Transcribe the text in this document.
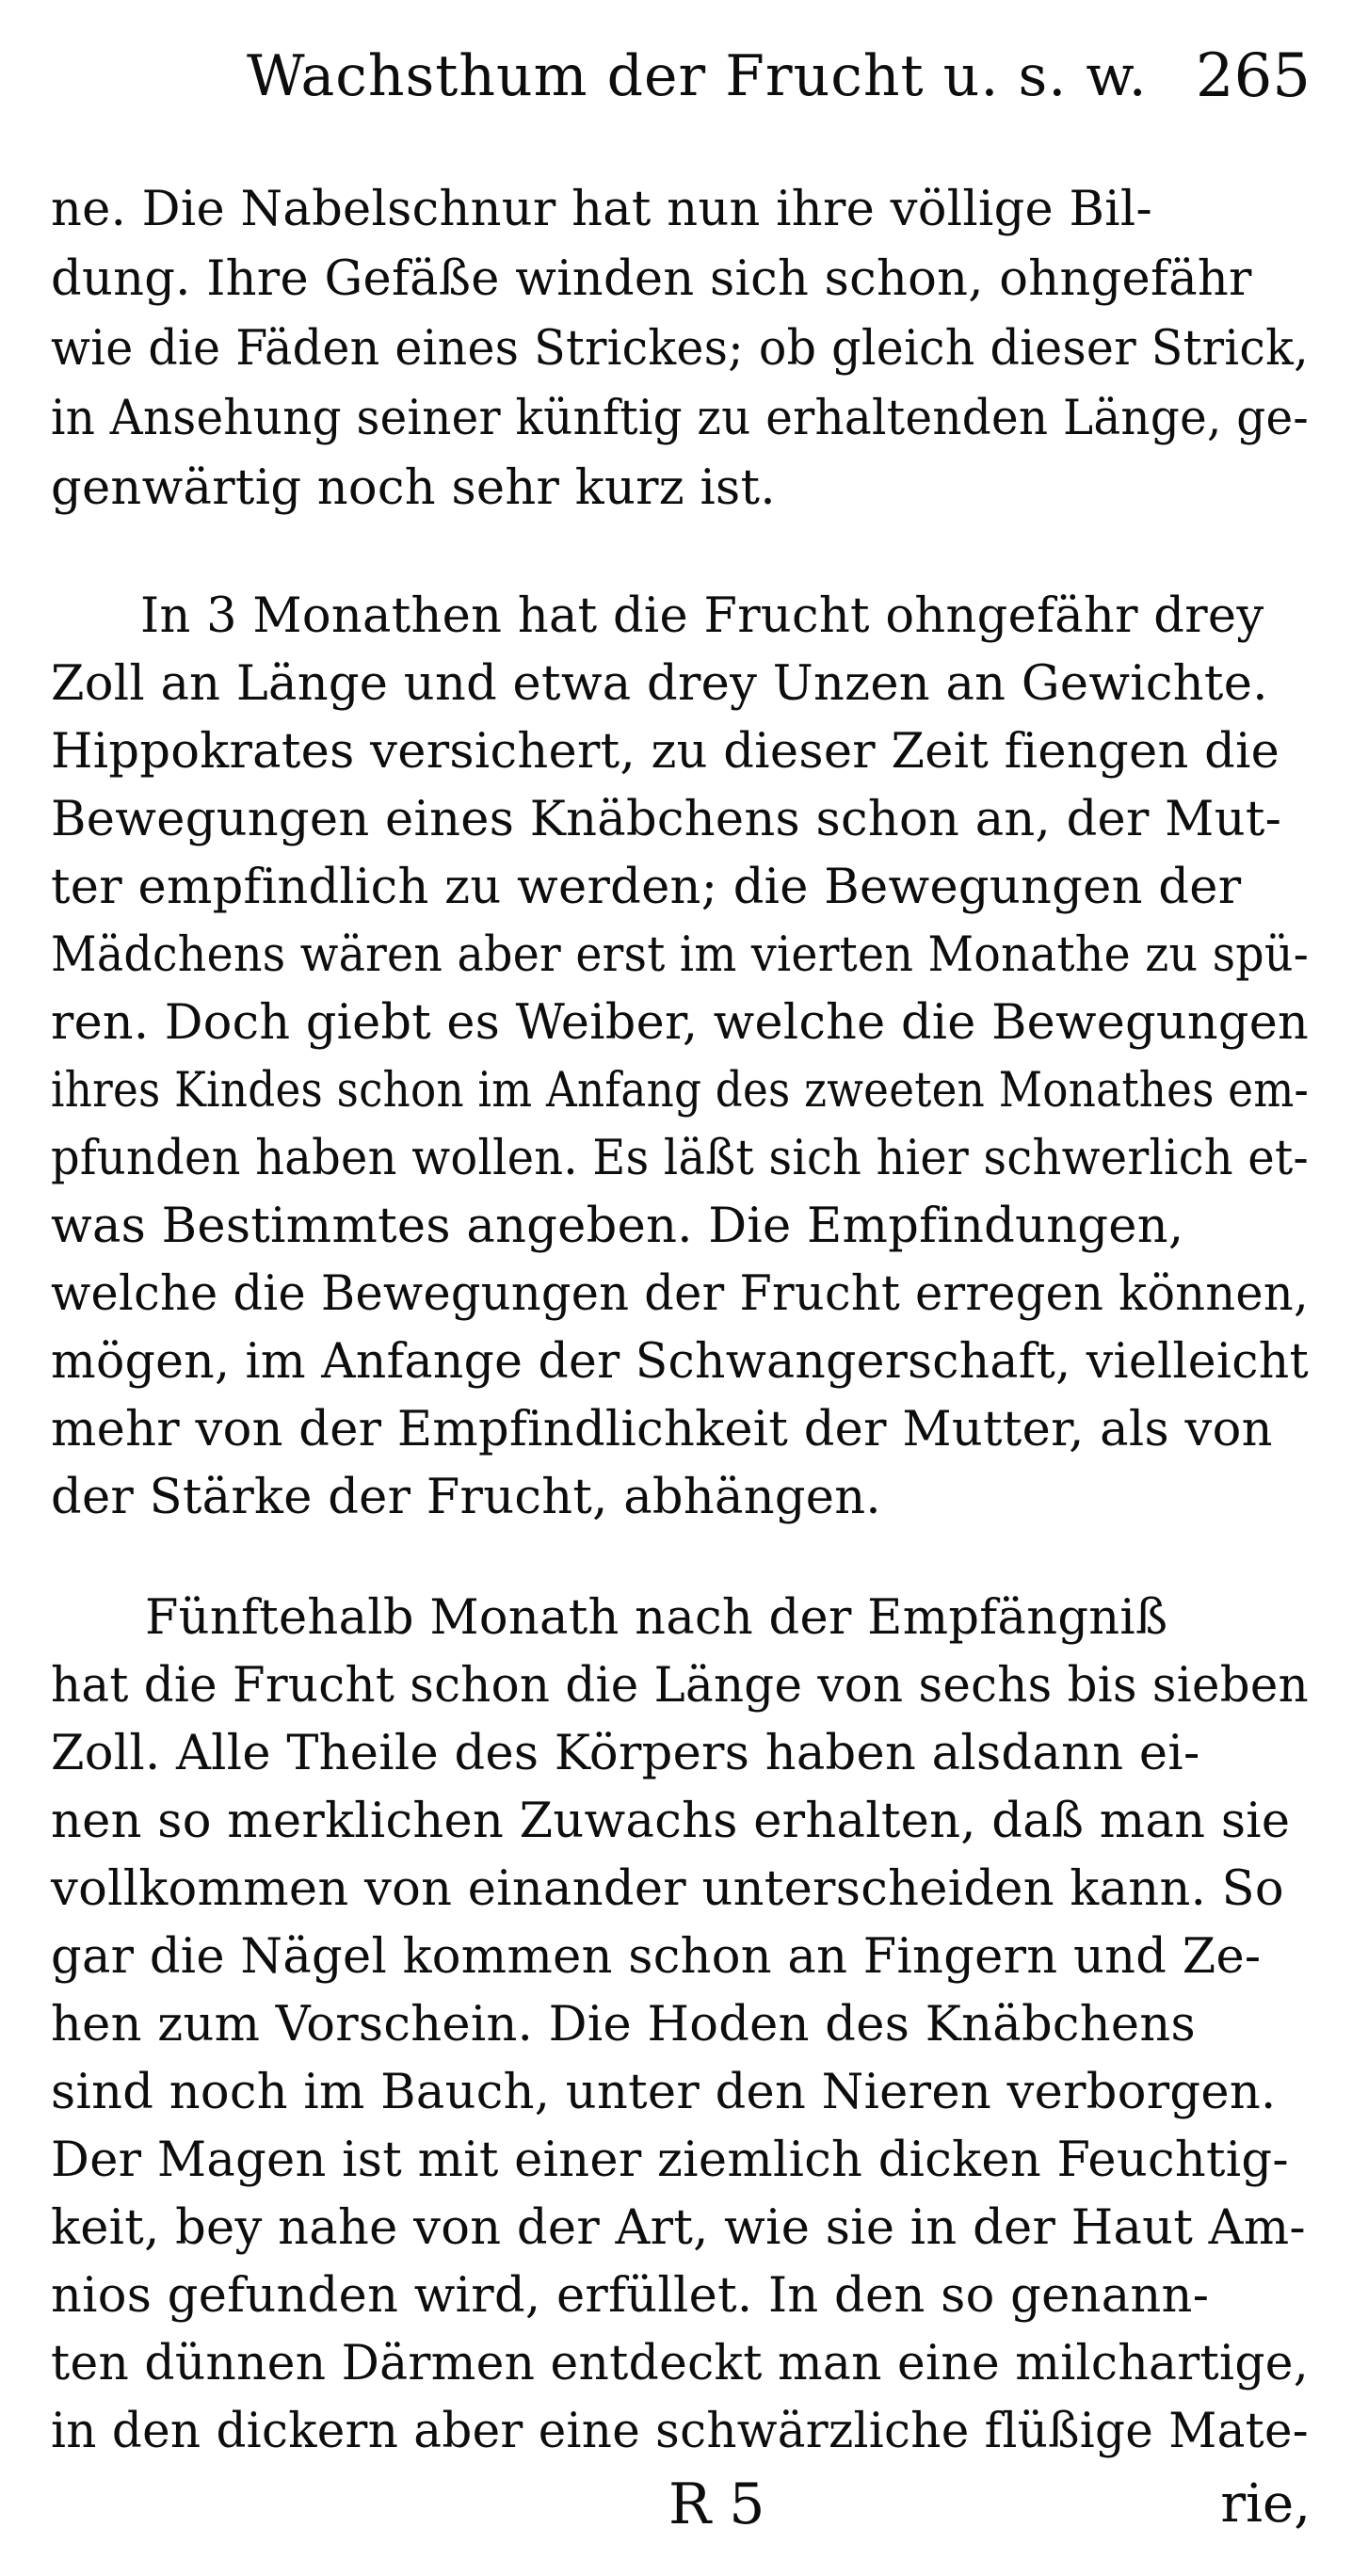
Wachsthum der Frucht u. s. w. 265
ne. Die Nabelschnur hat nun ihre völlige Bil-
dung. Ihre Gefäße winden sich schon, ohngefähr
wie die Fäden eines Strickes; ob gleich dieser Strick,
in Ansehung seiner künftig zu erhaltenden Länge, ge-
genwärtig noch sehr kurz ist.
In 3 Monathen hat die Frucht ohngefähr drey
Zoll an Länge und etwa drey Unzen an Gewichte.
Hippokrates versichert, zu dieser Zeit fiengen die
Bewegungen eines Knäbchens schon an, der Mut-
ter empfindlich zu werden; die Bewegungen der
Mädchens wären aber erst im vierten Monathe zu spü-
ren. Doch giebt es Weiber, welche die Bewegungen
ihres Kindes schon im Anfang des zweeten Monathes em-
pfunden haben wollen. Es läßt sich hier schwerlich et-
was Bestimmtes angeben. Die Empfindungen,
welche die Bewegungen der Frucht erregen können,
mögen, im Anfange der Schwangerschaft, vielleicht
mehr von der Empfindlichkeit der Mutter, als von
der Stärke der Frucht, abhängen.
Fünftehalb Monath nach der Empfängniß
hat die Frucht schon die Länge von sechs bis sieben
Zoll. Alle Theile des Körpers haben alsdann ei-
nen so merklichen Zuwachs erhalten, daß man sie
vollkommen von einander unterscheiden kann. So
gar die Nägel kommen schon an Fingern und Ze-
hen zum Vorschein. Die Hoden des Knäbchens
sind noch im Bauch, unter den Nieren verborgen.
Der Magen ist mit einer ziemlich dicken Feuchtig-
keit, bey nahe von der Art, wie sie in der Haut Am-
nios gefunden wird, erfüllet. In den so genann-
ten dünnen Därmen entdeckt man eine milchartige,
in den dickern aber eine schwärzliche flüßige Mate-
R 5	rie,
